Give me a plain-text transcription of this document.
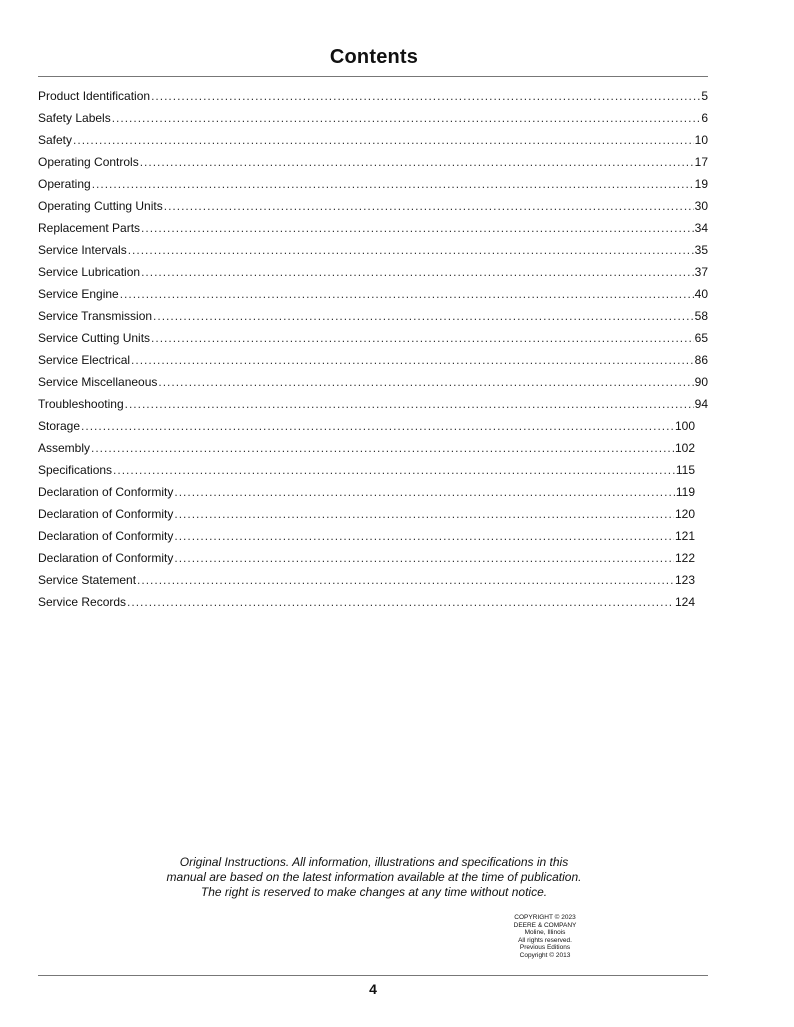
Contents
Product Identification .....	5
Safety Labels .....	6
Safety .....	10
Operating Controls .....	17
Operating .....	19
Operating Cutting Units .....	30
Replacement Parts .....	34
Service Intervals .....	35
Service Lubrication .....	37
Service Engine .....	40
Service Transmission .....	58
Service Cutting Units .....	65
Service Electrical .....	86
Service Miscellaneous .....	90
Troubleshooting .....	94
Storage .....	100
Assembly .....	102
Specifications .....	115
Declaration of Conformity .....	119
Declaration of Conformity .....	120
Declaration of Conformity .....	121
Declaration of Conformity .....	122
Service Statement .....	123
Service Records .....	124
Original Instructions. All information, illustrations and specifications in this
manual are based on the latest information available at the time of publication.
The right is reserved to make changes at any time without notice.
COPYRIGHT © 2023
DEERE & COMPANY
Moline, Illinois
All rights reserved.
Previous Editions
Copyright © 2013
4
